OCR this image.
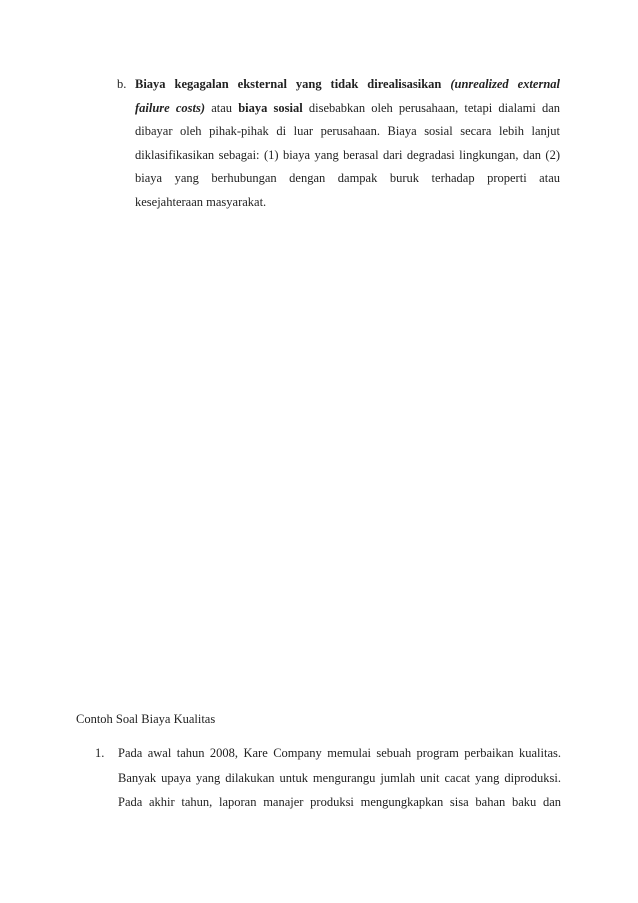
b. Biaya kegagalan eksternal yang tidak direalisasikan (unrealized external
failure costs) atau biaya sosial disebabkan oleh perusahaan, tetapi dialami dan
dibayar oleh pihak-pihak di luar perusahaan. Biaya sosial secara lebih lanjut
diklasifikasikan sebagai: (1) biaya yang berasal dari degradasi lingkungan, dan (2)
biaya yang berhubungan dengan dampak buruk terhadap properti atau
kesejahteraan masyarakat.
Contoh Soal Biaya Kualitas
1. Pada awal tahun 2008, Kare Company memulai sebuah program perbaikan kualitas.
Banyak upaya yang dilakukan untuk mengurangu jumlah unit cacat yang diproduksi.
Pada akhir tahun, laporan manajer produksi mengungkapkan sisa bahan baku dan
